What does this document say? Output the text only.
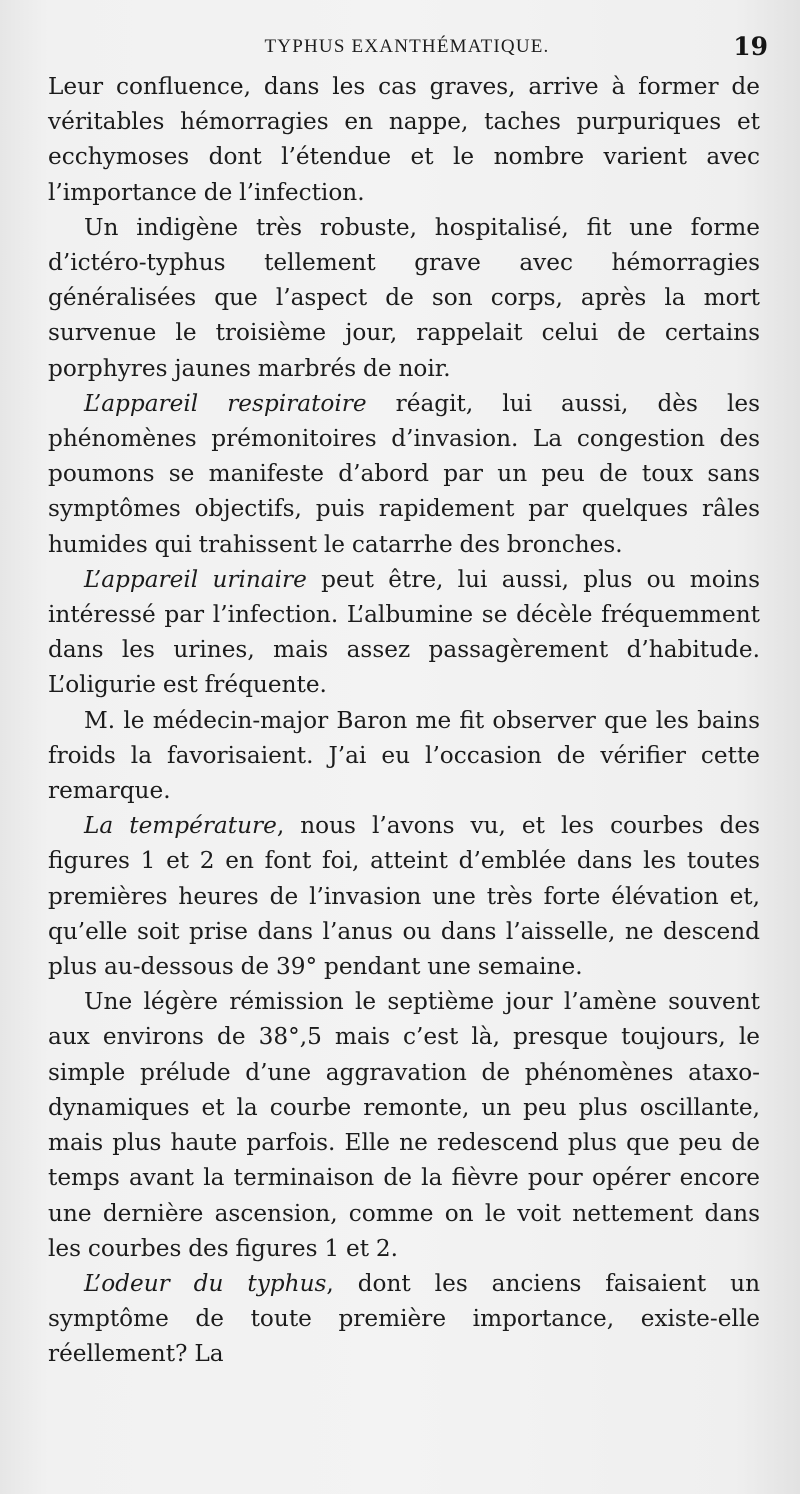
TYPHUS EXANTHÉMATIQUE.	19

Leur confluence, dans les cas graves, arrive à former de véritables hémorragies en nappe, taches purpuriques et ecchymoses dont l’étendue et le nombre varient avec l’importance de l’infection.

Un indigène très robuste, hospitalisé, fit une forme d’ictéro-typhus tellement grave avec hémorragies généralisées que l’aspect de son corps, après la mort survenue le troisième jour, rappelait celui de certains porphyres jaunes marbrés de noir.

L’appareil respiratoire réagit, lui aussi, dès les phénomènes prémonitoires d’invasion. La congestion des poumons se manifeste d’abord par un peu de toux sans symptômes objectifs, puis rapidement par quelques râles humides qui trahissent le catarrhe des bronches.

L’appareil urinaire peut être, lui aussi, plus ou moins intéressé par l’infection. L’albumine se décèle fréquemment dans les urines, mais assez passagèrement d’habitude. L’oligurie est fréquente.

M. le médecin-major Baron me fit observer que les bains froids la favorisaient. J’ai eu l’occasion de vérifier cette remarque.

La température, nous l’avons vu, et les courbes des figures 1 et 2 en font foi, atteint d’emblée dans les toutes premières heures de l’invasion une très forte élévation et, qu’elle soit prise dans l’anus ou dans l’aisselle, ne descend plus au-dessous de 39° pendant une semaine.

Une légère rémission le septième jour l’amène souvent aux environs de 38°,5 mais c’est là, presque toujours, le simple prélude d’une aggravation de phénomènes ataxo-dynamiques et la courbe remonte, un peu plus oscillante, mais plus haute parfois. Elle ne redescend plus que peu de temps avant la terminaison de la fièvre pour opérer encore une dernière ascension, comme on le voit nettement dans les courbes des figures 1 et 2.

L’odeur du typhus, dont les anciens faisaient un symptôme de toute première importance, existe-elle réellement? La
